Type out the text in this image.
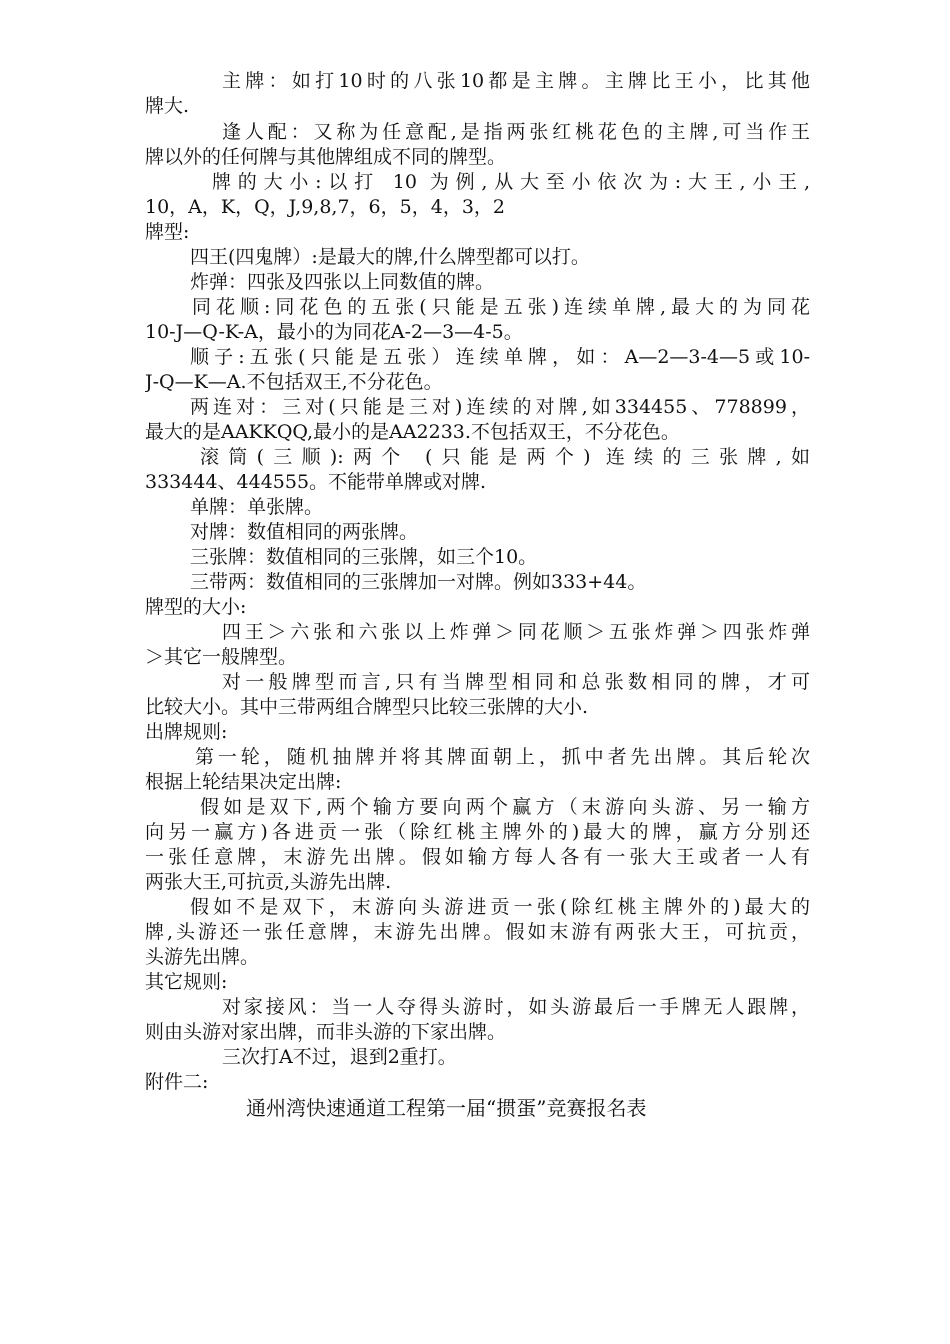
主牌：如打10时的八张10都是主牌。主牌比王小，比其他
牌大.
逢人配：又称为任意配,是指两张红桃花色的主牌,可当作王
牌以外的任何牌与其他牌组成不同的牌型。
牌的大小:以打 10 为例,从大至小依次为:大王,小王,
10，A，K，Q，J,9,8,7，6，5，4，3，2
牌型:
四王(四鬼牌）:是最大的牌,什么牌型都可以打。
炸弹：四张及四张以上同数值的牌。
同花顺:同花色的五张(只能是五张)连续单牌,最大的为同花
10-J—Q-K-A，最小的为同花A-2—3—4-5。
顺子:五张(只能是五张）连续单牌，如：A—2—3-4—5或10-
J-Q—K—A.不包括双王,不分花色。
两连对：三对(只能是三对)连续的对牌,如334455、778899，
最大的是AAKKQQ,最小的是AA2233.不包括双王，不分花色。
滚筒(三顺):两个 (只能是两个) 连续的三张牌,如
333444、444555。不能带单牌或对牌.
单牌：单张牌。
对牌：数值相同的两张牌。
三张牌：数值相同的三张牌，如三个10。
三带两：数值相同的三张牌加一对牌。例如333+44。
牌型的大小:
四王＞六张和六张以上炸弹＞同花顺＞五张炸弹＞四张炸弹
＞其它一般牌型。
对一般牌型而言,只有当牌型相同和总张数相同的牌，才可
比较大小。其中三带两组合牌型只比较三张牌的大小.
出牌规则:
第一轮，随机抽牌并将其牌面朝上，抓中者先出牌。其后轮次
根据上轮结果决定出牌:
假如是双下,两个输方要向两个赢方（末游向头游、另一输方
向另一赢方)各进贡一张（除红桃主牌外的)最大的牌，赢方分别还
一张任意牌，末游先出牌。假如输方每人各有一张大王或者一人有
两张大王,可抗贡,头游先出牌.
假如不是双下，末游向头游进贡一张(除红桃主牌外的)最大的
牌,头游还一张任意牌，末游先出牌。假如末游有两张大王，可抗贡，
头游先出牌。
其它规则:
对家接风：当一人夺得头游时，如头游最后一手牌无人跟牌，
则由头游对家出牌，而非头游的下家出牌。
三次打A不过，退到2重打。
附件二:
通州湾快速通道工程第一届“掼蛋”竞赛报名表
